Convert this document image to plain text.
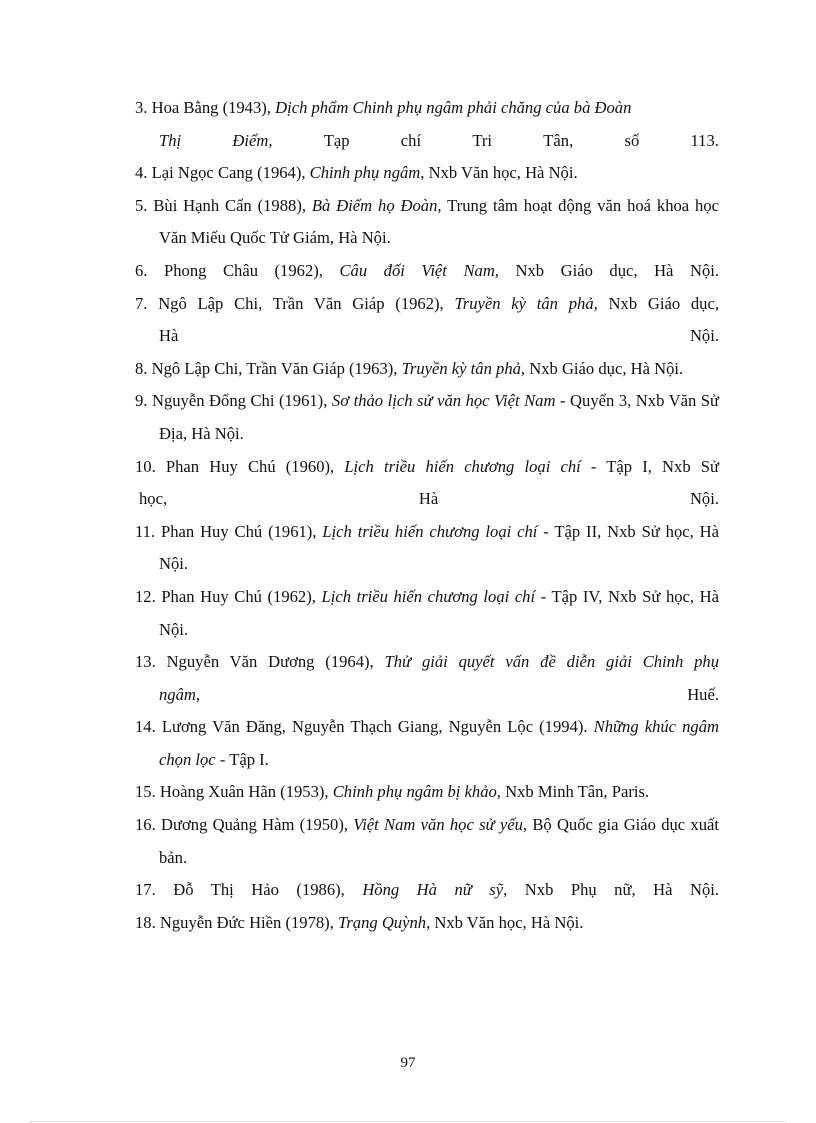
3. Hoa Bằng (1943), Dịch phẩm Chinh phụ ngâm phải chăng của bà Đoàn
Thị	Điểm,	Tạp	chí	Tri	Tân,	số	113.
4. Lại Ngọc Cang (1964), Chinh phụ ngâm, Nxb Văn học, Hà Nội.
5. Bùi Hạnh Cẩn (1988), Bà Điểm họ Đoàn, Trung tâm hoạt động văn hoá khoa học Văn Miếu Quốc Tử Giám, Hà Nội.
6. Phong Châu (1962), Câu đối Việt Nam, Nxb Giáo dục, Hà Nội.
7. Ngô Lập Chi, Trần Văn Giáp (1962), Truyền kỳ tân phả, Nxb Giáo dục,
Hà	Nội.
8. Ngô Lập Chi, Trần Văn Giáp (1963), Truyền kỳ tân phả, Nxb Giáo dục, Hà Nội.
9. Nguyễn Đổng Chi (1961), Sơ thảo lịch sử văn học Việt Nam - Quyển 3, Nxb Văn Sử Địa, Hà Nội.
10. Phan Huy Chú (1960), Lịch triều hiến chương loại chí - Tập I, Nxb Sử
học,	Hà	Nội.
11. Phan Huy Chú (1961), Lịch triều hiến chương loại chí - Tập II, Nxb Sử học, Hà Nội.
12. Phan Huy Chú (1962), Lịch triều hiến chương loại chí - Tập IV, Nxb Sử học, Hà Nội.
13. Nguyễn Văn Dương (1964), Thử giải quyết vấn đề diễn giải Chinh phụ
ngâm,	Huế.
14. Lương Văn Đăng, Nguyễn Thạch Giang, Nguyễn Lộc (1994). Những khúc ngâm chọn lọc - Tập I.
15. Hoàng Xuân Hãn (1953), Chinh phụ ngâm bị khảo, Nxb Minh Tân, Paris.
16. Dương Quảng Hàm (1950), Việt Nam văn học sử yếu, Bộ Quốc gia Giáo dục xuất bản.
17. Đỗ Thị Hảo (1986), Hồng Hà nữ sỹ, Nxb Phụ nữ, Hà Nội.
18. Nguyễn Đức Hiền (1978), Trạng Quỳnh, Nxb Văn học, Hà Nội.
97
